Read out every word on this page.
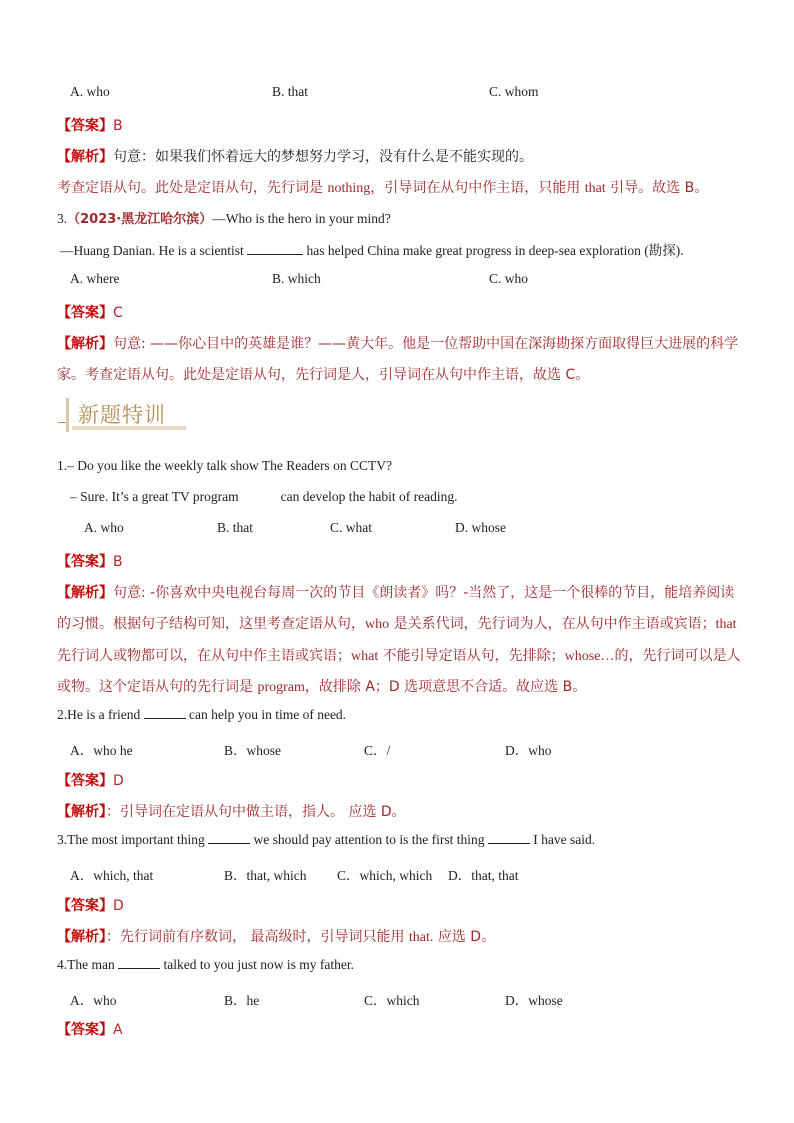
A. who	B. that	C. whom
【答案】B
【解析】句意：如果我们怀着远大的梦想努力学习，没有什么是不能实现的。
考查定语从句。此处是定语从句，先行词是 nothing，引导词在从句中作主语，只能用 that 引导。故选 B。
3.（2023·黑龙江哈尔滨）—Who is the hero in your mind?
—Huang Danian. He is a scientist	has helped China make great progress in deep-sea exploration (勘探).
A. where	B. which	C. who
【答案】C
【解析】句意: ——你心目中的英雄是谁？——黄大年。他是一位帮助中国在深海勘探方面取得巨大进展的科学
家。考查定语从句。此处是定语从句，先行词是人，引导词在从句中作主语，故选 C。
新题特训
1.– Do you like the weekly talk show The Readers on CCTV?
– Sure. It’s a great TV program	can develop the habit of reading.
A. who	B. that	C. what	D. whose
【答案】B
【解析】句意: -你喜欢中央电视台每周一次的节目《朗读者》吗？-当然了，这是一个很棒的节目，能培养阅读
的习惯。根据句子结构可知，这里考查定语从句，who 是关系代词，先行词为人，在从句中作主语或宾语；that
先行词人或物都可以，在从句中作主语或宾语；what 不能引导定语从句，先排除；whose…的，先行词可以是人
或物。这个定语从句的先行词是 program，故排除 A；D 选项意思不合适。故应选 B。
2.He is a friend	can help you in time of need.
A．who he	B．whose	C．/	D．who
【答案】D
【解析】：引导词在定语从句中做主语，指人。 应选 D。
3.The most important thing	we should pay attention to is the first thing	I have said.
A．which, that	B．that, which C．which, which D．that, that
【答案】D
【解析】：先行词前有序数词， 最高级时，引导词只能用 that. 应选 D。
4.The man	talked to you just now is my father.
A．who	B．he	C．which	D．whose
【答案】A
